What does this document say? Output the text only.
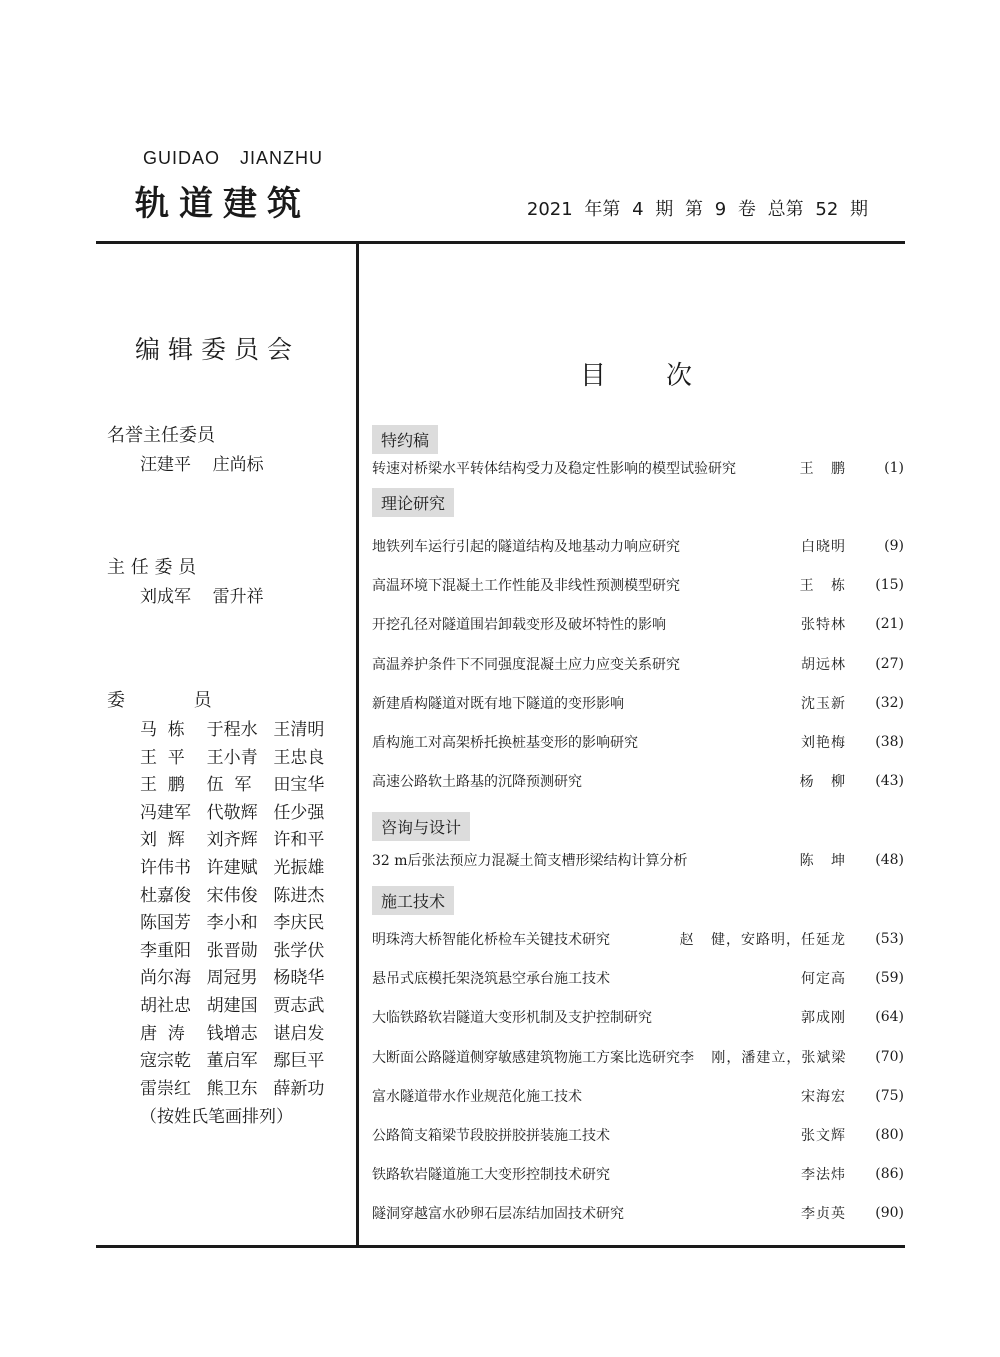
GUIDAO JIANZHU
轨道建筑	2021 年第 4 期 第 9 卷 总第 52 期
编辑委员会
名誉主任委员
汪建平    庄尚标
主 任 委 员
刘成军    雷升祥
委            员
马  栋	于程水 王清明
王  平	王小青 王忠良
王  鹏	伍  军	田宝华
冯建军 代敬辉 任少强
刘  辉	刘齐辉 许和平
许伟书 许建赋 光振雄
杜嘉俊 宋伟俊 陈进杰
陈国芳 李小和 李庆民
李重阳 张晋勋 张学伏
尚尔海 周冠男 杨晓华
胡社忠 胡建国 贾志武
唐  涛	钱增志 谌启发
寇宗乾 董启军 鄢巨平
雷崇红 熊卫东 薛新功
（按姓氏笔画排列）
目 次
特约稿
转速对桥梁水平转体结构受力及稳定性影响的模型试验研究	王   鹏	(1)
理论研究
地铁列车运行引起的隧道结构及地基动力响应研究	白晓明	(9)
高温环境下混凝土工作性能及非线性预测模型研究	王   栋	(15)
开挖孔径对隧道围岩卸载变形及破坏特性的影响	张特林	(21)
高温养护条件下不同强度混凝土应力应变关系研究	胡远林	(27)
新建盾构隧道对既有地下隧道的变形影响	沈玉新	(32)
盾构施工对高架桥托换桩基变形的影响研究	刘艳梅	(38)
高速公路软土路基的沉降预测研究	杨   柳	(43)
咨询与设计
32 m后张法预应力混凝土简支槽形梁结构计算分析	陈   坤	(48)
施工技术
明珠湾大桥智能化桥检车关键技术研究	赵   健，安路明，任延龙	(53)
悬吊式底模托架浇筑悬空承台施工技术	何定高	(59)
大临铁路软岩隧道大变形机制及支护控制研究	郭成刚	(64)
大断面公路隧道侧穿敏感建筑物施工方案比选研究 李   刚，潘建立，张斌梁	(70)
富水隧道带水作业规范化施工技术	宋海宏	(75)
公路简支箱梁节段胶拼胶拼装施工技术	张文辉	(80)
铁路软岩隧道施工大变形控制技术研究	李法炜	(86)
隧洞穿越富水砂卵石层冻结加固技术研究	李贞英	(90)
